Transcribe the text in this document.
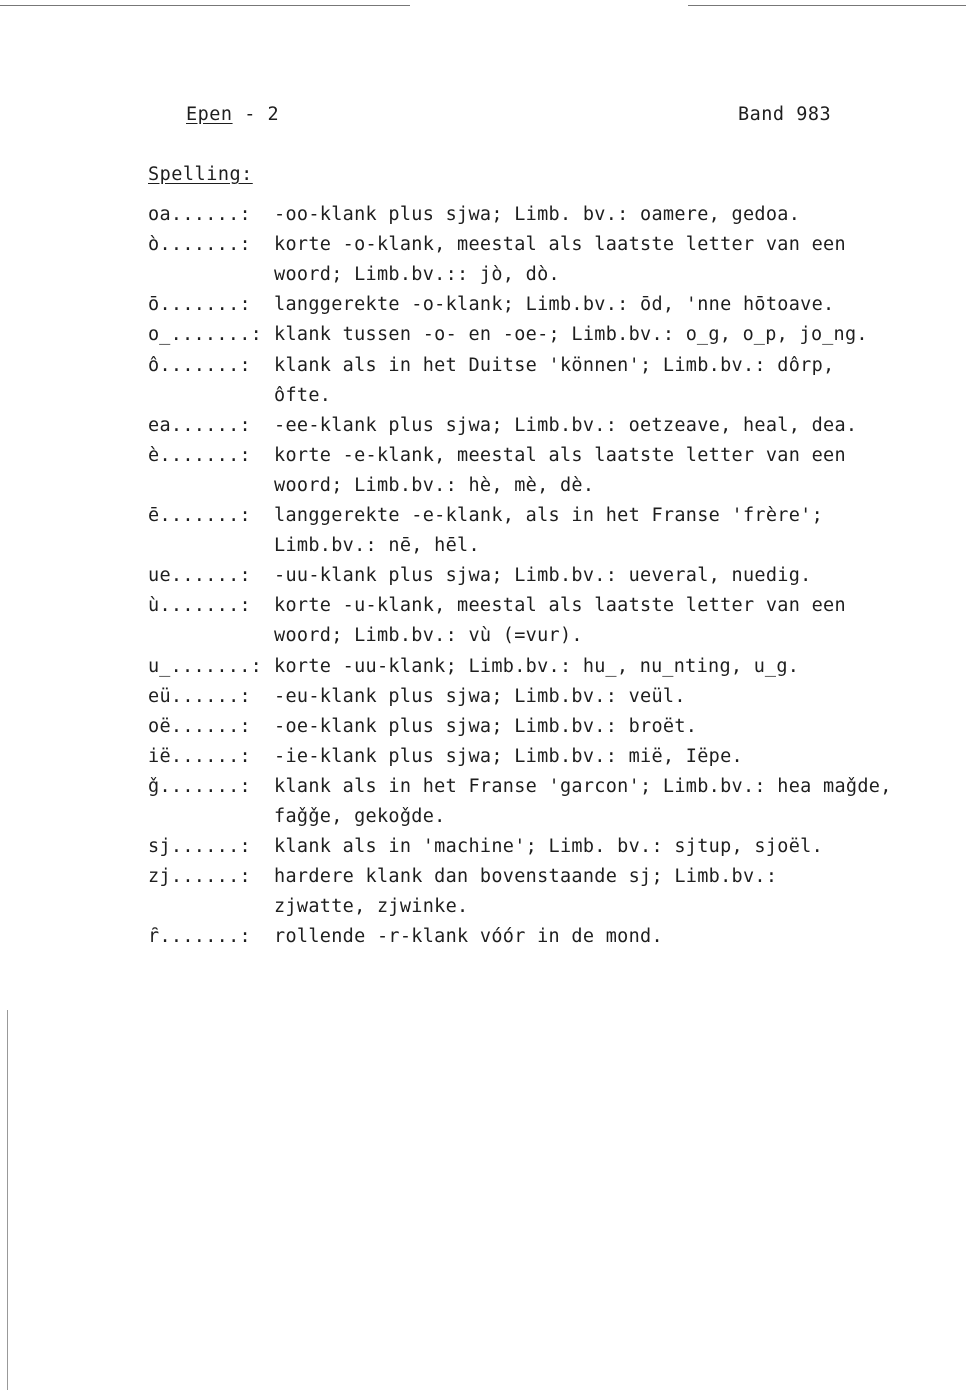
Epen - 2	Band 983
Spelling:
oa......: -oo-klank plus sjwa; Limb. bv.: oamere, gedoa.
ò.......: korte -o-klank, meestal als laatste letter van een
woord; Limb.bv.:: jò, dò.
ō.......: langgerekte -o-klank; Limb.bv.: ōd, 'nne hōtoave.
o̲.......: klank tussen -o- en -oe-; Limb.bv.: o̲g, o̲p, jo̲ng.
ô.......: klank als in het Duitse 'können'; Limb.bv.: dôrp,
ôfte.
ea......: -ee-klank plus sjwa; Limb.bv.: oetzeave, heal, dea.
è.......: korte -e-klank, meestal als laatste letter van een
woord; Limb.bv.: hè, mè, dè.
ē.......: langgerekte -e-klank, als in het Franse 'frère';
Limb.bv.: nē, hēl.
ue......: -uu-klank plus sjwa; Limb.bv.: ueveral, nuedig.
ù.......: korte -u-klank, meestal als laatste letter van een
woord; Limb.bv.: vù (=vur).
u̲.......: korte -uu-klank; Limb.bv.: hu̲, nu̲nting, u̲g.
eü......: -eu-klank plus sjwa; Limb.bv.: veül.
oë......: -oe-klank plus sjwa; Limb.bv.: broët.
ië......: -ie-klank plus sjwa; Limb.bv.: mië, Iëpe.
ǧ.......: klank als in het Franse 'garcon'; Limb.bv.: hea maǧde,
faǧǧe, gekoǧde.
sj......: klank als in 'machine'; Limb. bv.: sjtup, sjoël.
zj......: hardere klank dan bovenstaande sj; Limb.bv.:
zjwatte, zjwinke.
ȓ.......: rollende -r-klank vóór in de mond.
